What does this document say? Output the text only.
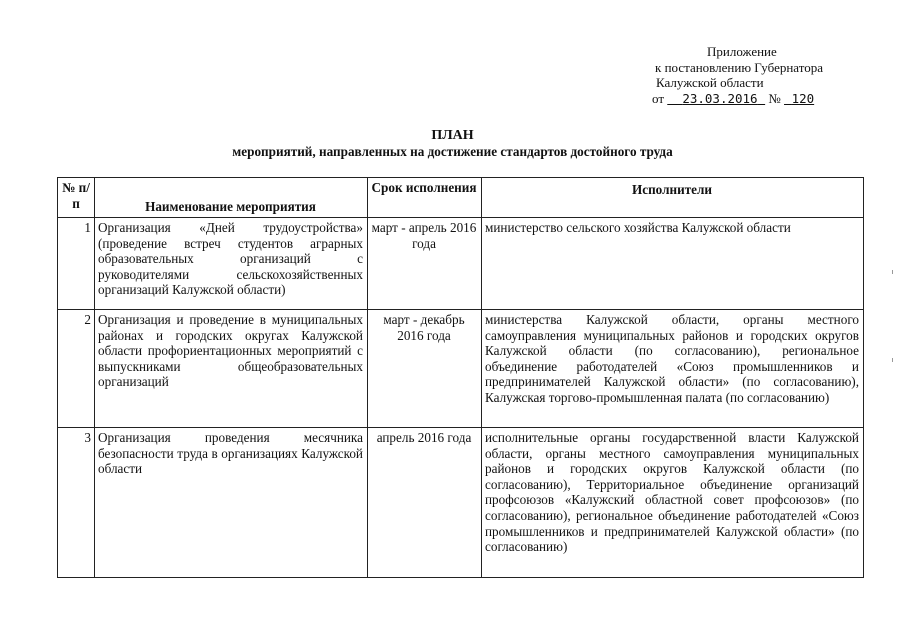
Приложение
к постановлению Губернатора
Калужской области
от 23.03.2016 № 120
ПЛАН
мероприятий, направленных на достижение стандартов достойного труда
№ п/п	Наименование мероприятия	Срок исполнения	Исполнители
1	Организация «Дней трудоустройства» (проведение встреч студентов аграрных образовательных организаций с руководителями сельскохозяйственных организаций Калужской области)	март - апрель 2016 года	министерство сельского хозяйства Калужской области
2	Организация и проведение в муниципальных районах и городских округах Калужской области профориентационных мероприятий с выпускниками общеобразовательных организаций	март - декабрь 2016 года	министерства Калужской области, органы местного самоуправления муниципальных районов и городских округов Калужской области (по согласованию), региональное объединение работодателей «Союз промышленников и предпринимателей Калужской области» (по согласованию), Калужская торгово-промышленная палата (по согласованию)
3	Организация проведения месячника безопасности труда в организациях Калужской области	апрель 2016 года	исполнительные органы государственной власти Калужской области, органы местного самоуправления муниципальных районов и городских округов Калужской области (по согласованию), Территориальное объединение организаций профсоюзов «Калужский областной совет профсоюзов» (по согласованию), региональное объединение работодателей «Союз промышленников и предпринимателей Калужской области» (по согласованию)
